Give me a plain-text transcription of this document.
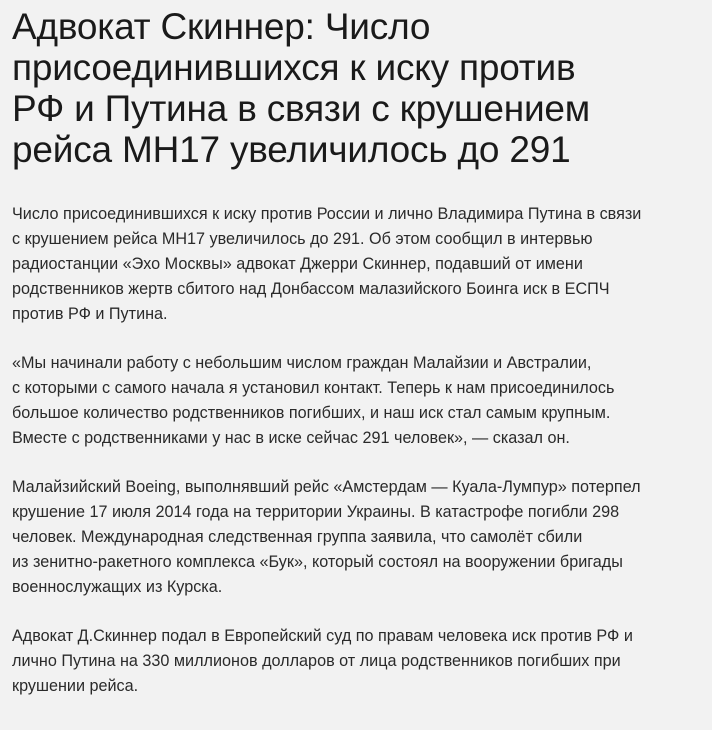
Адвокат Скиннер: Число
присоединившихся к иску против
РФ и Путина в связи с крушением
рейса MH17 увеличилось до 291

Число присоединившихся к иску против России и лично Владимира Путина в связи
с крушением рейса MH17 увеличилось до 291. Об этом сообщил в интервью
радиостанции «Эхо Москвы» адвокат Джерри Скиннер, подавший от имени
родственников жертв сбитого над Донбассом малазийского Боинга иск в ЕСПЧ
против РФ и Путина.

«Мы начинали работу с небольшим числом граждан Малайзии и Австралии,
с которыми с самого начала я установил контакт. Теперь к нам присоединилось
большое количество родственников погибших, и наш иск стал самым крупным.
Вместе с родственниками у нас в иске сейчас 291 человек», — сказал он.

Малайзийский Boeing, выполнявший рейс «Амстердам — Куала-Лумпур» потерпел
крушение 17 июля 2014 года на территории Украины. В катастрофе погибли 298
человек. Международная следственная группа заявила, что самолёт сбили
из зенитно-ракетного комплекса «Бук», который состоял на вооружении бригады
военнослужащих из Курска.

Адвокат Д.Скиннер подал в Европейский суд по правам человека иск против РФ и
лично Путина на 330 миллионов долларов от лица родственников погибших при
крушении рейса.
